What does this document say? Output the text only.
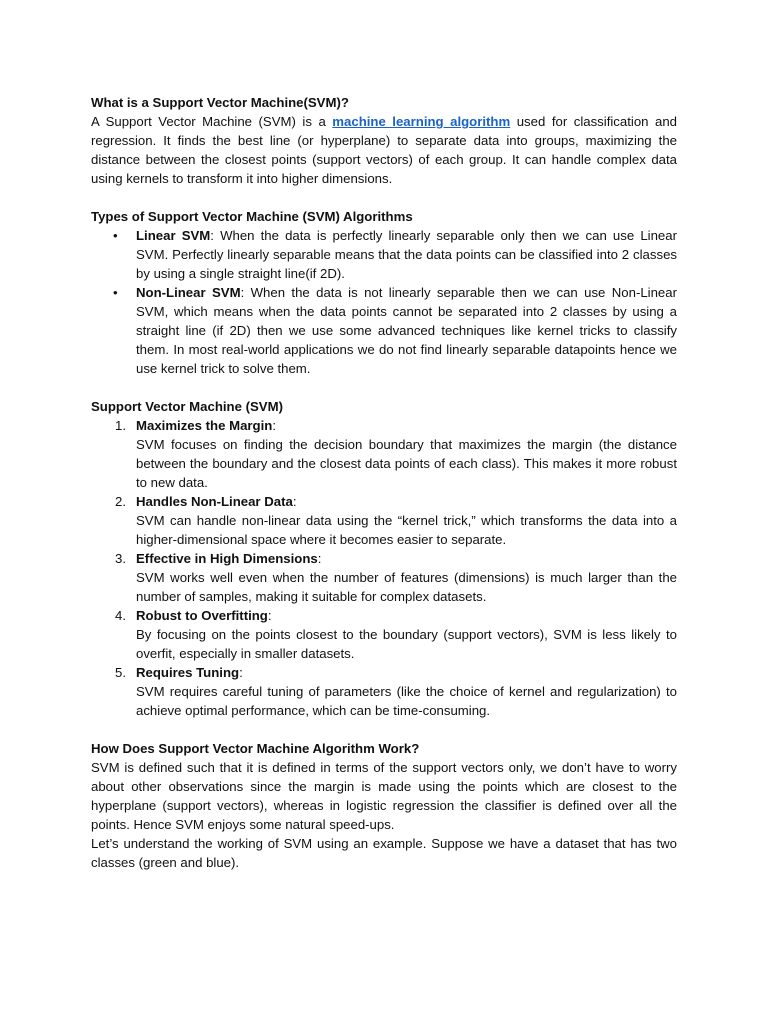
What is a Support Vector Machine(SVM)?

A Support Vector Machine (SVM) is a machine learning algorithm used for classification and regression. It finds the best line (or hyperplane) to separate data into groups, maximizing the distance between the closest points (support vectors) of each group. It can handle complex data using kernels to transform it into higher dimensions.

Types of Support Vector Machine (SVM) Algorithms

• Linear SVM: When the data is perfectly linearly separable only then we can use Linear SVM. Perfectly linearly separable means that the data points can be classified into 2 classes by using a single straight line(if 2D).
• Non-Linear SVM: When the data is not linearly separable then we can use Non-Linear SVM, which means when the data points cannot be separated into 2 classes by using a straight line (if 2D) then we use some advanced techniques like kernel tricks to classify them. In most real-world applications we do not find linearly separable datapoints hence we use kernel trick to solve them.

Support Vector Machine (SVM)

1. Maximizes the Margin:
SVM focuses on finding the decision boundary that maximizes the margin (the distance between the boundary and the closest data points of each class). This makes it more robust to new data.
2. Handles Non-Linear Data:
SVM can handle non-linear data using the “kernel trick,” which transforms the data into a higher-dimensional space where it becomes easier to separate.
3. Effective in High Dimensions:
SVM works well even when the number of features (dimensions) is much larger than the number of samples, making it suitable for complex datasets.
4. Robust to Overfitting:
By focusing on the points closest to the boundary (support vectors), SVM is less likely to overfit, especially in smaller datasets.
5. Requires Tuning:
SVM requires careful tuning of parameters (like the choice of kernel and regularization) to achieve optimal performance, which can be time-consuming.

How Does Support Vector Machine Algorithm Work?

SVM is defined such that it is defined in terms of the support vectors only, we don’t have to worry about other observations since the margin is made using the points which are closest to the hyperplane (support vectors), whereas in logistic regression the classifier is defined over all the points. Hence SVM enjoys some natural speed-ups.

Let’s understand the working of SVM using an example. Suppose we have a dataset that has two classes (green and blue).
